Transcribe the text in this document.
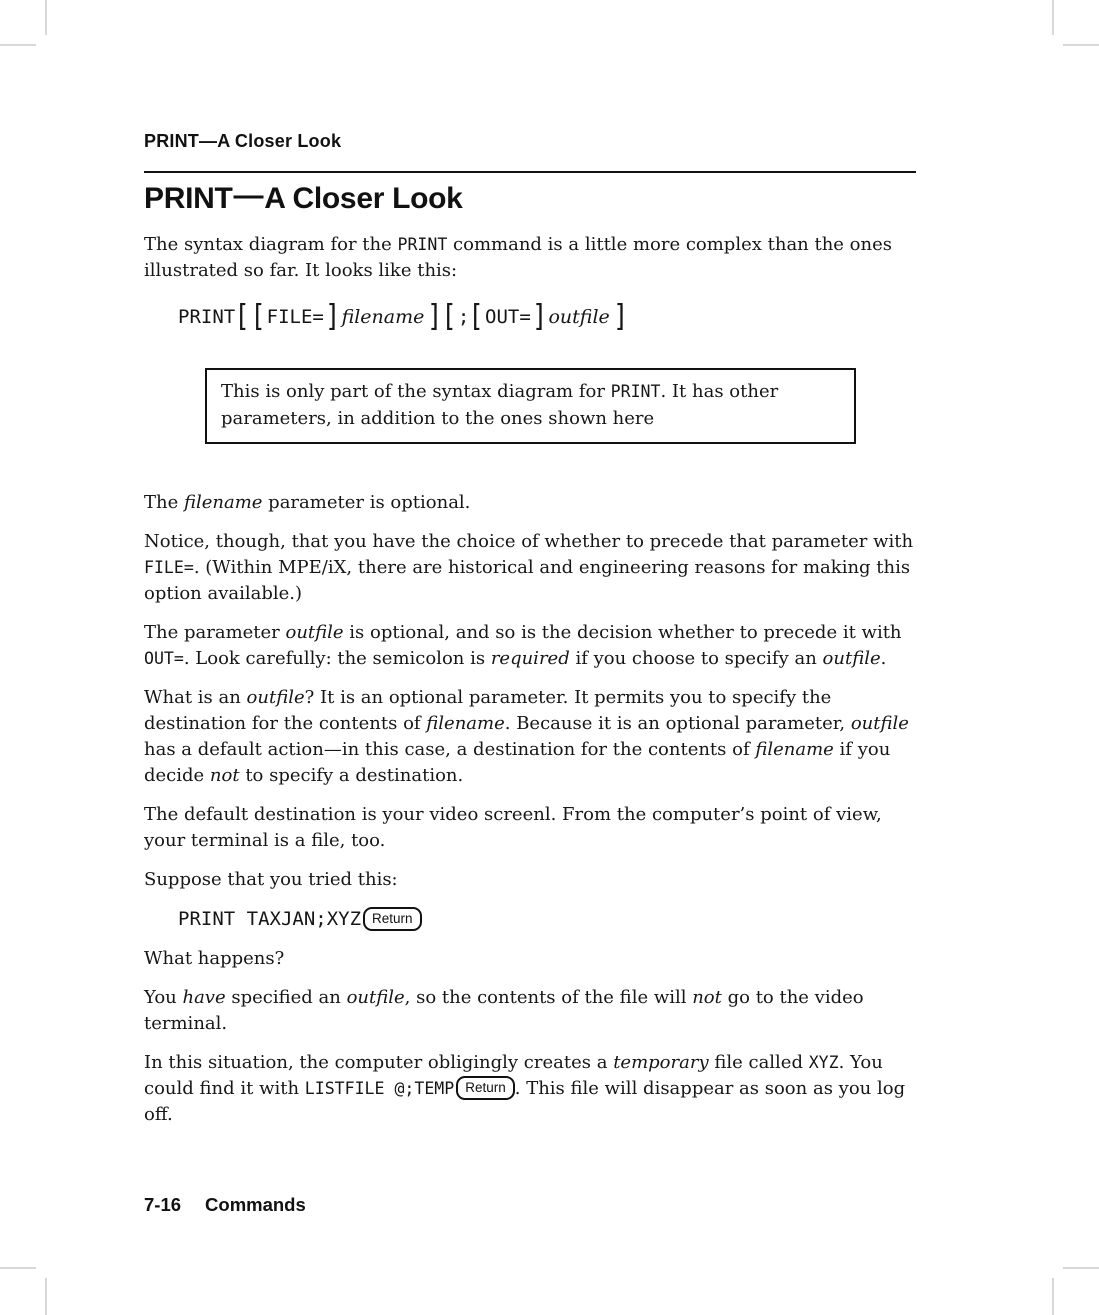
PRINT—A Closer Look
PRINT—A Closer Look

The syntax diagram for the PRINT command is a little more complex than the ones illustrated so far. It looks like this:

PRINT [ [ FILE= ] filename ] [ ; [ OUT= ] outfile ]
This is only part of the syntax diagram for PRINT. It has other parameters, in addition to the ones shown here

The filename parameter is optional.

Notice, though, that you have the choice of whether to precede that parameter with FILE=. (Within MPE/iX, there are historical and engineering reasons for making this option available.)

The parameter outfile is optional, and so is the decision whether to precede it with OUT=. Look carefully: the semicolon is required if you choose to specify an outfile.

What is an outfile? It is an optional parameter. It permits you to specify the destination for the contents of filename. Because it is an optional parameter, outfile has a default action—in this case, a destination for the contents of filename if you decide not to specify a destination.

The default destination is your video screenl. From the computer’s point of view, your terminal is a file, too.

Suppose that you tried this:

PRINT TAXJAN;XYZ Return

What happens?

You have specified an outfile, so the contents of the file will not go to the video terminal.

In this situation, the computer obligingly creates a temporary file called XYZ. You could find it with LISTFILE @;TEMP Return . This file will disappear as soon as you log off.

7-16 Commands
